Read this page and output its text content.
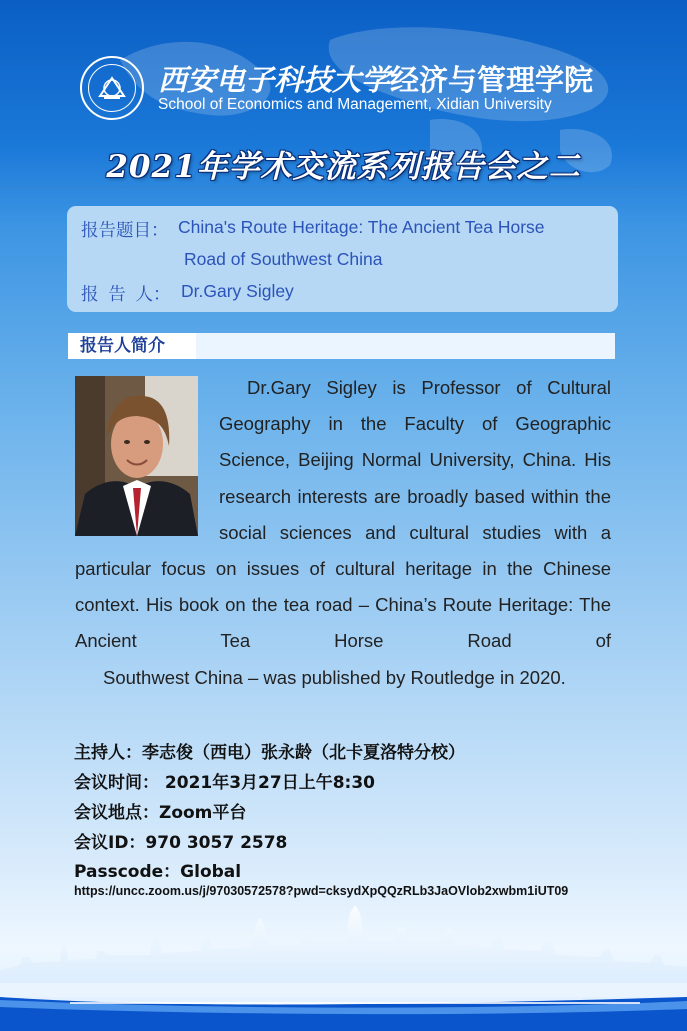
西安电子科技大学经济与管理学院
School of Economics and Management, Xidian University
2021年学术交流系列报告会之二
报告题目： China's Route Heritage: The Ancient Tea Horse
Road of Southwest China
报  告  人： Dr.Gary Sigley
报告人简介

Dr.Gary Sigley is Professor of Cultural Geography in the Faculty of Geographic Science, Beijing Normal University, China. His research interests are broadly based within the social sciences and cultural studies with a particular focus on issues of cultural heritage in the Chinese context. His book on the tea road – China’s Route Heritage: The Ancient Tea Horse Road of
Southwest China – was published by Routledge in 2020.

主持人：李志俊（西电）张永龄（北卡夏洛特分校）
会议时间： 2021年3月27日上午8:30
会议地点：Zoom平台
会议ID：970 3057 2578
Passcode：Global
https://uncc.zoom.us/j/97030572578?pwd=cksydXpQQzRLb3JaOVlob2xwbm1iUT09
